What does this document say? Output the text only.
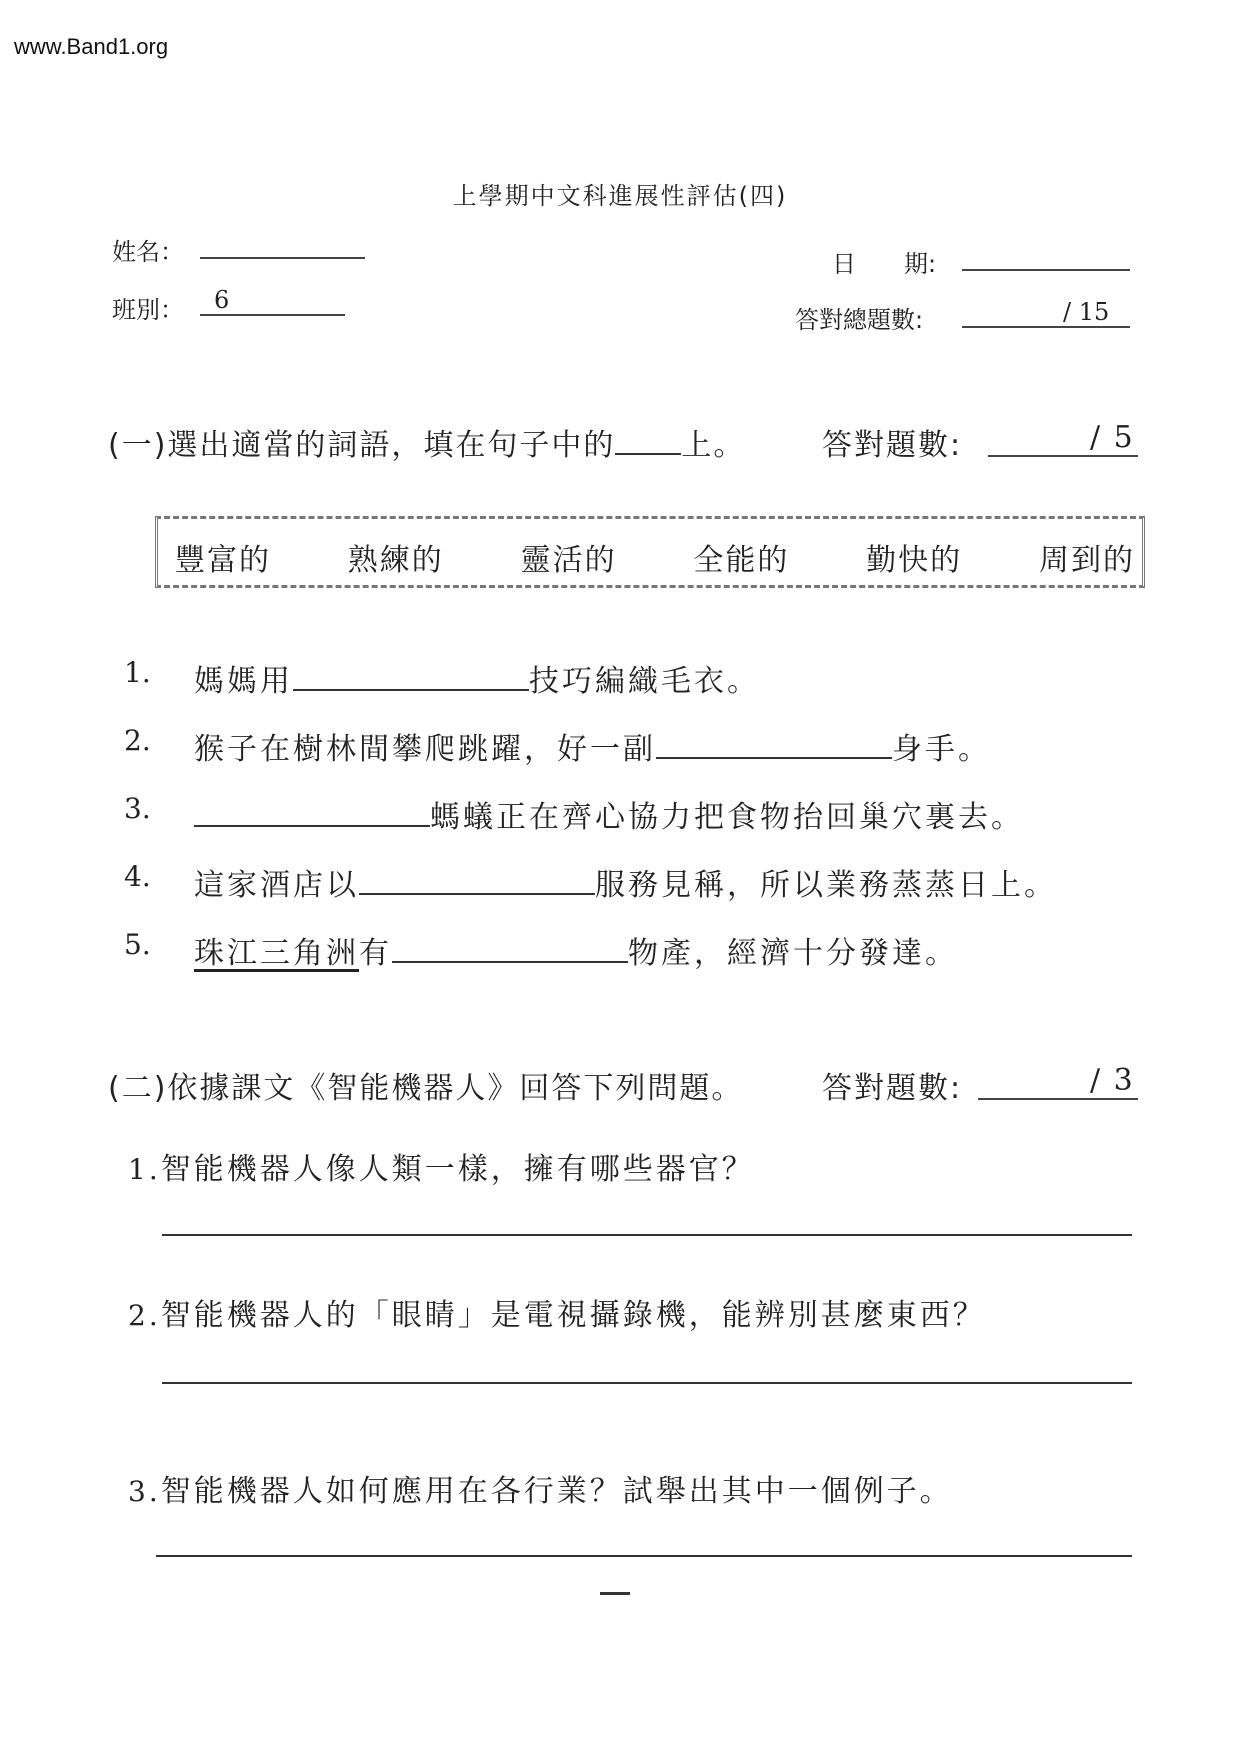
www.Band1.org
上學期中文科進展性評估(四)
姓名：
班別： 6
日　　期:
答對總題數:	/ 15
(一)選出適當的詞語，填在句子中的 上。	答對題數:	/ 5
豐富的	熟練的	靈活的	全能的	勤快的	周到的
1. 媽媽用	技巧編織毛衣。
2. 猴子在樹林間攀爬跳躍，好一副	身手。
3.	螞蟻正在齊心協力把食物抬回巢穴裏去。
4. 這家酒店以	服務見稱，所以業務蒸蒸日上。
5. 珠江三角洲有	物產，經濟十分發達。
(二)依據課文《智能機器人》回答下列問題。	答對題數:	/ 3
1.智能機器人像人類一樣，擁有哪些器官？
2.智能機器人的「眼睛」是電視攝錄機，能辨別甚麼東西？
3.智能機器人如何應用在各行業？試舉出其中一個例子。
